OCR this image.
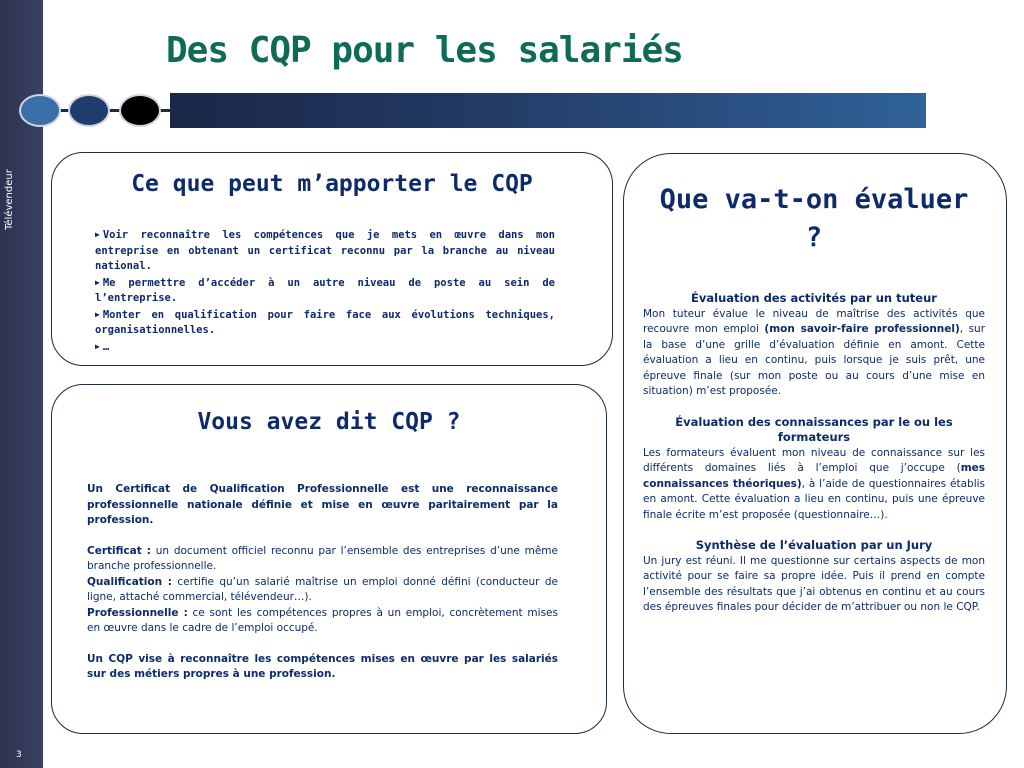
Télévendeur
3
Des CQP pour les salariés
Ce que peut m’apporter le CQP
▶ Voir reconnaître les compétences que je mets en œuvre dans mon entreprise en obtenant un certificat reconnu par la branche au niveau national.
▶ Me permettre d’accéder à un autre niveau de poste au sein de l’entreprise.
▶ Monter en qualification pour faire face aux évolutions techniques, organisationnelles.
▶ …
Vous avez dit CQP ?

Un Certificat de Qualification Professionnelle est une reconnaissance professionnelle nationale définie et mise en œuvre paritairement par la profession.

Certificat : un document officiel reconnu par l’ensemble des entreprises d’une même branche professionnelle.

Qualification : certifie qu’un salarié maîtrise un emploi donné défini (conducteur de ligne, attaché commercial, télévendeur…).

Professionnelle : ce sont les compétences propres à un emploi, concrètement mises en œuvre dans le cadre de l’emploi occupé.

Un CQP vise à reconnaître les compétences mises en œuvre par les salariés sur des métiers propres à une profession.

Que va-t-on évaluer ?
Évaluation des activités par un tuteur
Mon tuteur évalue le niveau de maîtrise des activités que recouvre mon emploi (mon savoir-faire professionnel), sur la base d’une grille d’évaluation définie en amont. Cette évaluation a lieu en continu, puis lorsque je suis prêt, une épreuve finale (sur mon poste ou au cours d’une mise en situation) m’est proposée.
Évaluation des connaissances par le ou les formateurs
Les formateurs évaluent mon niveau de connaissance sur les différents domaines liés à l’emploi que j’occupe (mes connaissances théoriques), à l’aide de questionnaires établis en amont. Cette évaluation a lieu en continu, puis une épreuve finale écrite m’est proposée (questionnaire…).
Synthèse de l’évaluation par un Jury
Un jury est réuni. Il me questionne sur certains aspects de mon activité pour se faire sa propre idée. Puis il prend en compte l’ensemble des résultats que j’ai obtenus en continu et au cours des épreuves finales pour décider de m’attribuer ou non le CQP.
